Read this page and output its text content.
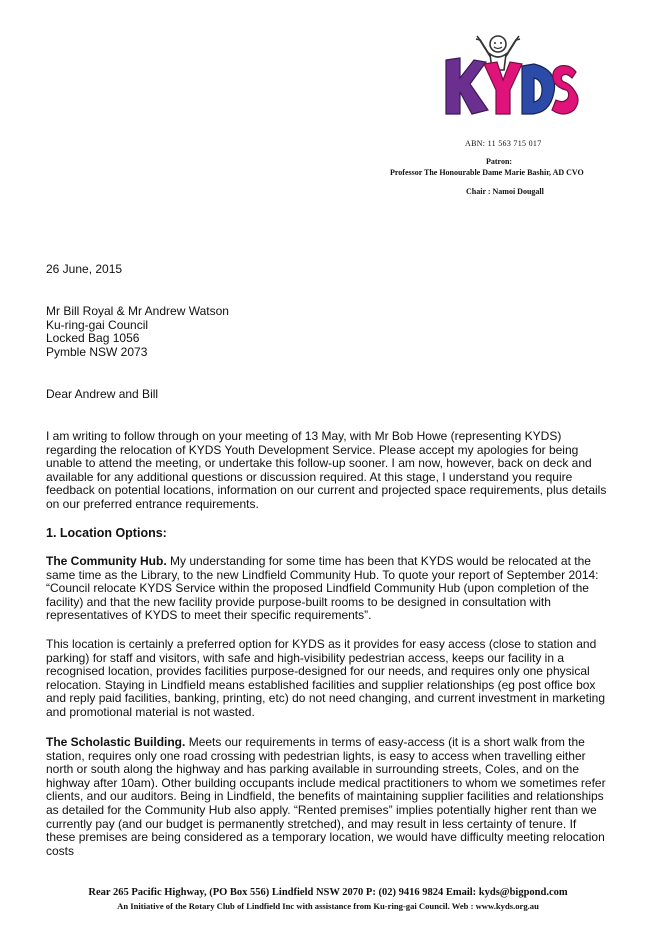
ABN: 11 563 715 017
Patron:
Professor The Honourable Dame Marie Bashir, AD CVO
Chair : Namoi Dougall
26 June, 2015
Mr Bill Royal & Mr Andrew Watson
Ku-ring-gai Council
Locked Bag 1056
Pymble NSW 2073
Dear Andrew and Bill

I am writing to follow through on your meeting of 13 May, with Mr Bob Howe (representing KYDS) regarding the relocation of KYDS Youth Development Service. Please accept my apologies for being unable to attend the meeting, or undertake this follow-up sooner. I am now, however, back on deck and available for any additional questions or discussion required. At this stage, I understand you require feedback on potential locations, information on our current and projected space requirements, plus details on our preferred entrance requirements.

1. Location Options:

The Community Hub. My understanding for some time has been that KYDS would be relocated at the same time as the Library, to the new Lindfield Community Hub. To quote your report of September 2014: “Council relocate KYDS Service within the proposed Lindfield Community Hub (upon completion of the facility) and that the new facility provide purpose-built rooms to be designed in consultation with representatives of KYDS to meet their specific requirements”.

This location is certainly a preferred option for KYDS as it provides for easy access (close to station and parking) for staff and visitors, with safe and high-visibility pedestrian access, keeps our facility in a recognised location, provides facilities purpose-designed for our needs, and requires only one physical relocation. Staying in Lindfield means established facilities and supplier relationships (eg post office box and reply paid facilities, banking, printing, etc) do not need changing, and current investment in marketing and promotional material is not wasted.

The Scholastic Building. Meets our requirements in terms of easy-access (it is a short walk from the station, requires only one road crossing with pedestrian lights, is easy to access when travelling either north or south along the highway and has parking available in surrounding streets, Coles, and on the highway after 10am). Other building occupants include medical practitioners to whom we sometimes refer clients, and our auditors. Being in Lindfield, the benefits of maintaining supplier facilities and relationships as detailed for the Community Hub also apply. “Rented premises” implies potentially higher rent than we currently pay (and our budget is permanently stretched), and may result in less certainty of tenure. If these premises are being considered as a temporary location, we would have difficulty meeting relocation costs

Rear 265 Pacific Highway, (PO Box 556) Lindfield NSW 2070 P: (02) 9416 9824 Email: kyds@bigpond.com
An Initiative of the Rotary Club of Lindfield Inc with assistance from Ku-ring-gai Council. Web : www.kyds.org.au
